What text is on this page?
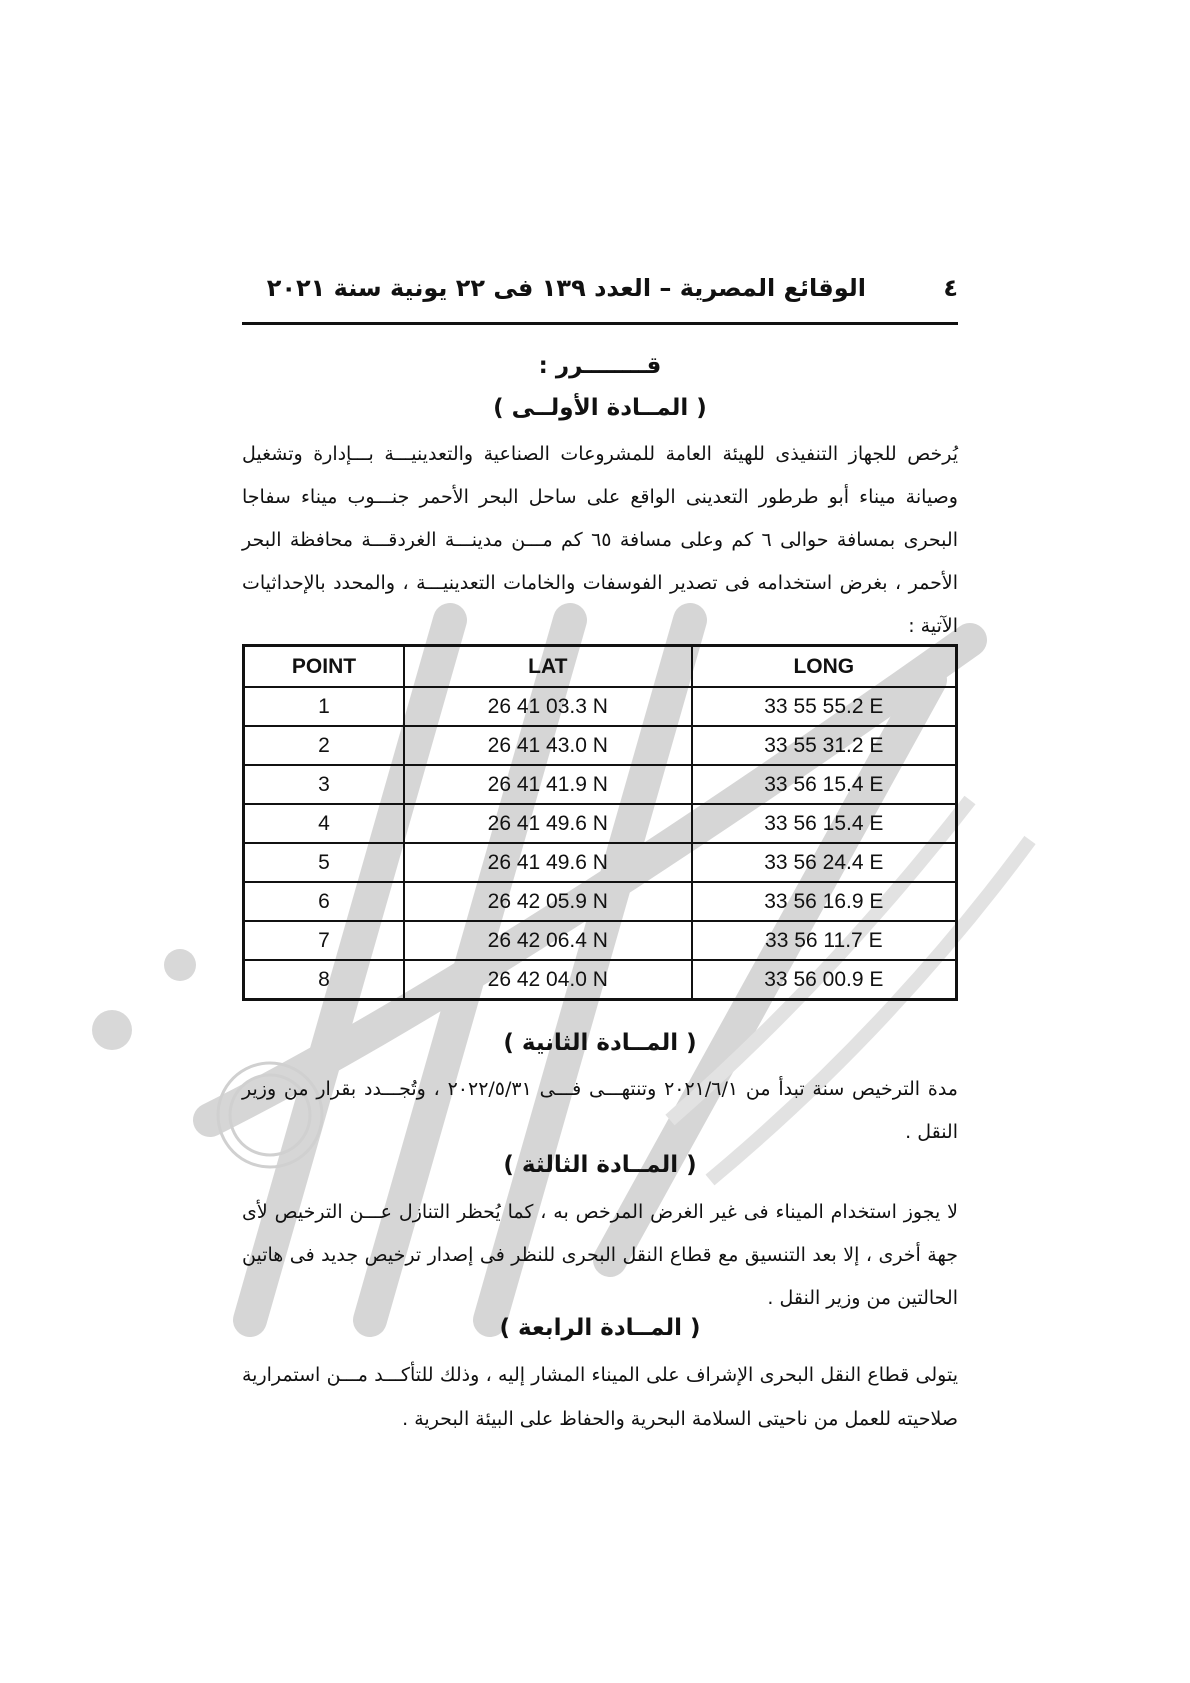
٤
الوقائع المصرية – العدد ١٣٩ فى ٢٢ يونية سنة ٢٠٢١
قــــــــرر :
( المــادة الأولــى )
يُرخص للجهاز التنفيذى للهيئة العامة للمشروعات الصناعية والتعدينيـــة بـــإدارة وتشغيل وصيانة ميناء أبو طرطور التعدينى الواقع على ساحل البحر الأحمر جنـــوب ميناء سفاجا البحرى بمسافة حوالى ٦ كم وعلى مسافة ٦٥ كم مـــن مدينـــة الغردقـــة محافظة البحر الأحمر ، بغرض استخدامه فى تصدير الفوسفات والخامات التعدينيـــة ، والمحدد بالإحداثيات الآتية :
POINT	LAT	LONG
1	26 41 03.3 N	33 55 55.2 E
2	26 41 43.0 N	33 55 31.2 E
3	26 41 41.9 N	33 56 15.4 E
4	26 41 49.6 N	33 56 15.4 E
5	26 41 49.6 N	33 56 24.4 E
6	26 42 05.9 N	33 56 16.9 E
7	26 42 06.4 N	33 56 11.7 E
8	26 42 04.0 N	33 56 00.9 E
( المــادة الثانية )
مدة الترخيص سنة تبدأ من ٢٠٢١/٦/١ وتنتهـــى فـــى ٢٠٢٢/٥/٣١ ، وتُجـــدد بقرار من وزير النقل .
( المــادة الثالثة )
لا يجوز استخدام الميناء فى غير الغرض المرخص به ، كما يُحظر التنازل عـــن الترخيص لأى جهة أخرى ، إلا بعد التنسيق مع قطاع النقل البحرى للنظر فى إصدار ترخيص جديد فى هاتين الحالتين من وزير النقل .
( المــادة الرابعة )
يتولى قطاع النقل البحرى الإشراف على الميناء المشار إليه ، وذلك للتأكـــد مـــن استمرارية صلاحيته للعمل من ناحيتى السلامة البحرية والحفاظ على البيئة البحرية .
